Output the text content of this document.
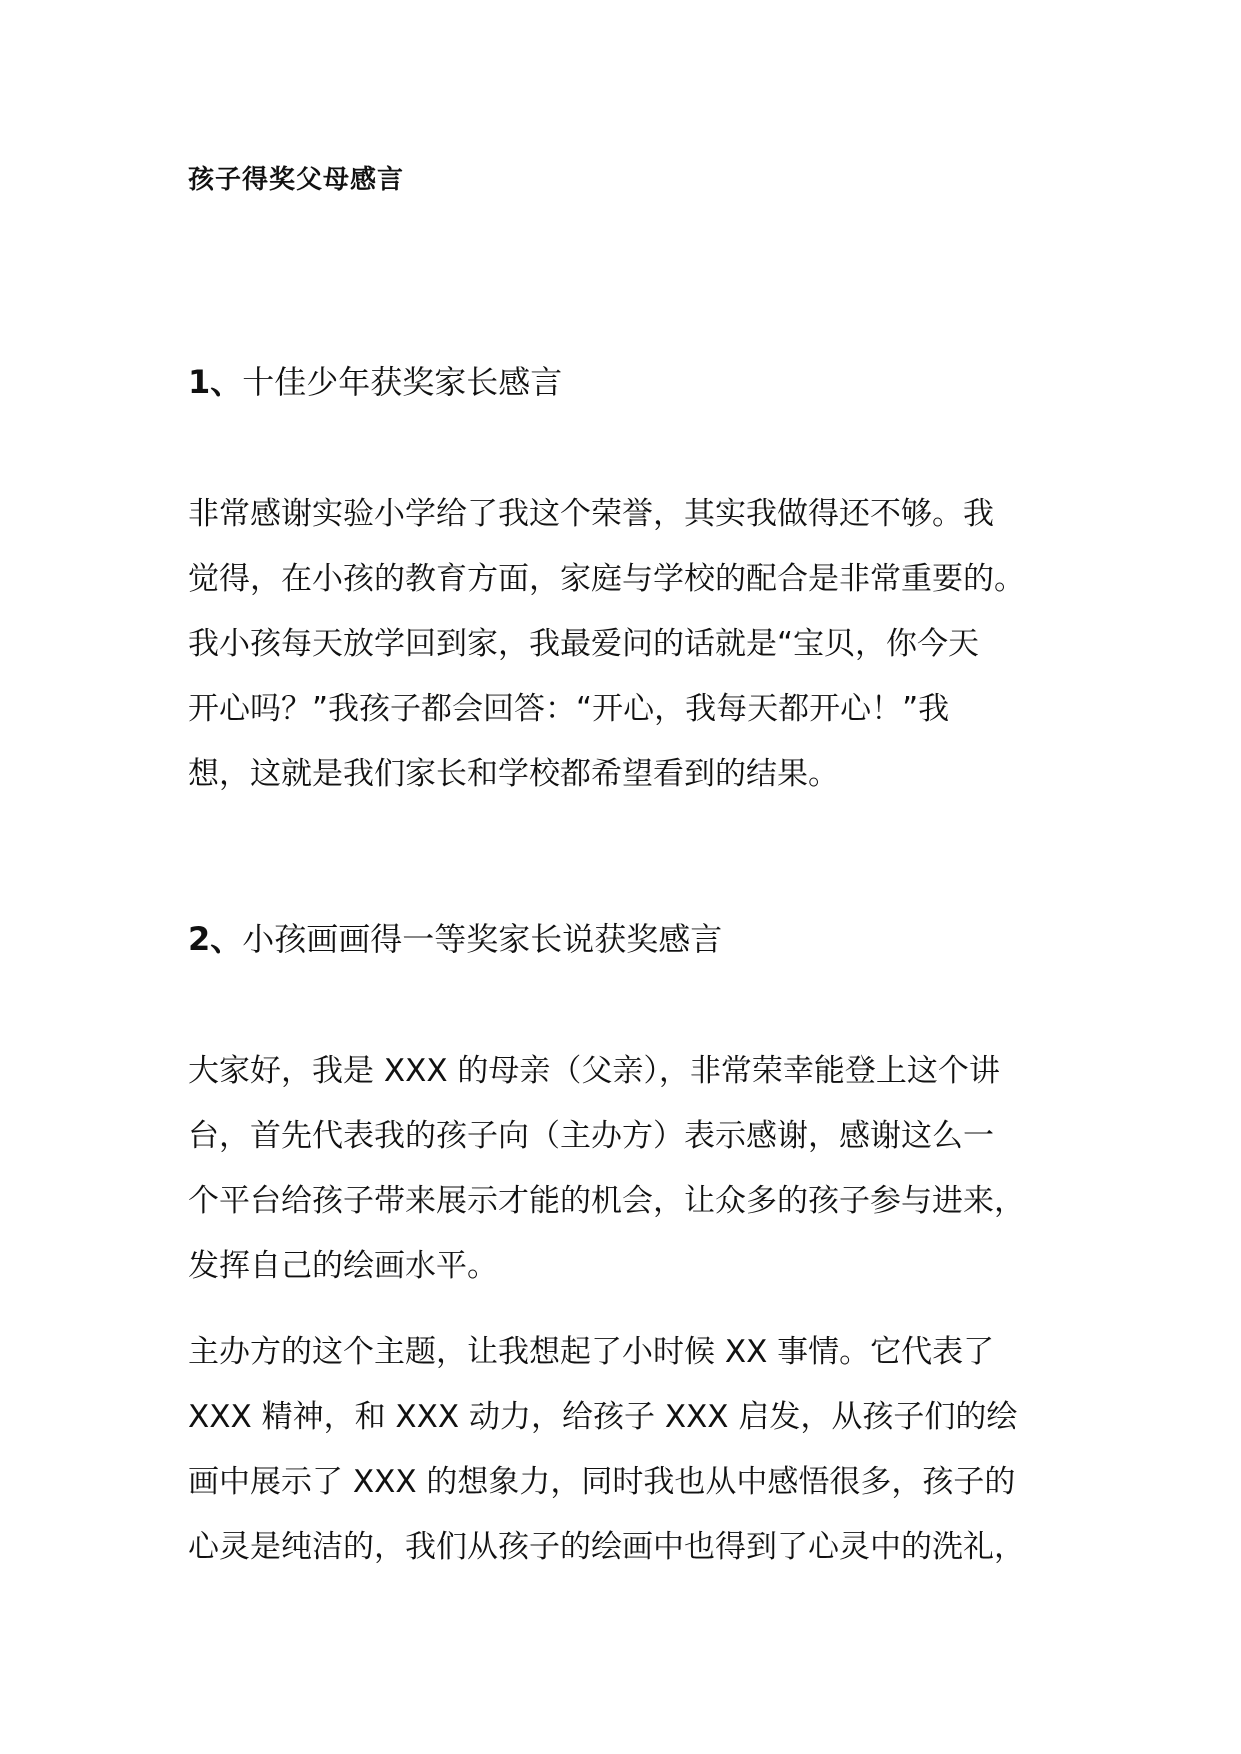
孩子得奖父母感言
1、十佳少年获奖家长感言
非常感谢实验小学给了我这个荣誉，其实我做得还不够。我
觉得，在小孩的教育方面，家庭与学校的配合是非常重要的。
我小孩每天放学回到家，我最爱问的话就是“宝贝，你今天
开心吗？”我孩子都会回答：“开心，我每天都开心！”我
想，这就是我们家长和学校都希望看到的结果。
2、小孩画画得一等奖家长说获奖感言
大家好，我是 XXX 的母亲（父亲），非常荣幸能登上这个讲
台，首先代表我的孩子向（主办方）表示感谢，感谢这么一
个平台给孩子带来展示才能的机会，让众多的孩子参与进来，
发挥自己的绘画水平。
主办方的这个主题，让我想起了小时候 XX 事情。它代表了
XXX 精神，和 XXX 动力，给孩子 XXX 启发，从孩子们的绘
画中展示了 XXX 的想象力，同时我也从中感悟很多，孩子的
心灵是纯洁的，我们从孩子的绘画中也得到了心灵中的洗礼，
